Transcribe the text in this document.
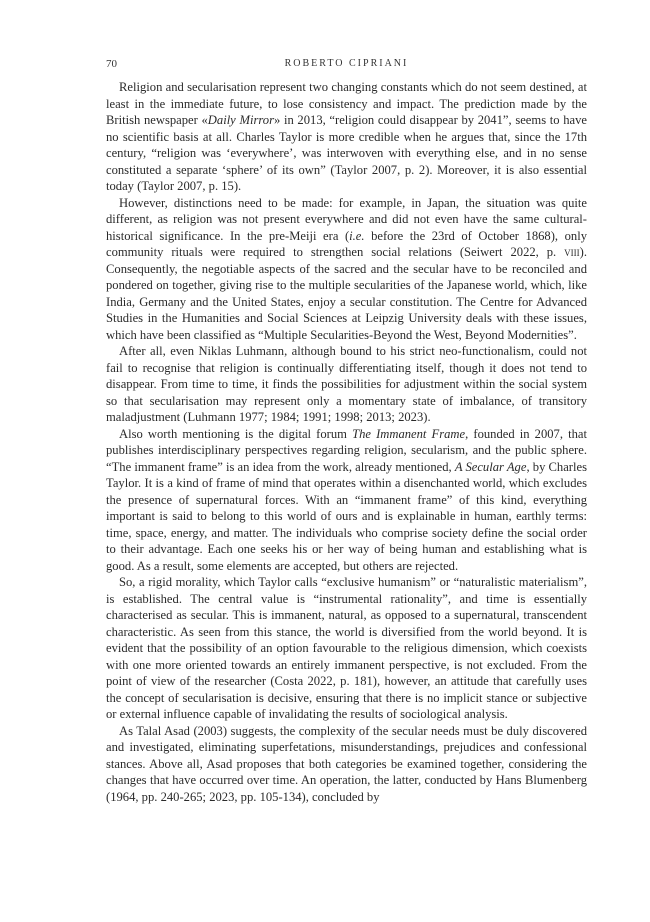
70	ROBERTO CIPRIANI

Religion and secularisation represent two changing constants which do not seem destined, at least in the immediate future, to lose consistency and impact. The prediction made by the British newspaper «Daily Mirror» in 2013, “religion could disappear by 2041”, seems to have no scientific basis at all. Charles Taylor is more credible when he argues that, since the 17th century, “religion was ‘everywhere’, was interwoven with everything else, and in no sense constituted a separate ‘sphere’ of its own” (Taylor 2007, p. 2). Moreover, it is also essential today (Taylor 2007, p. 15).

However, distinctions need to be made: for example, in Japan, the situation was quite different, as religion was not present everywhere and did not even have the same cultural-historical significance. In the pre-Meiji era (i.e. before the 23rd of October 1868), only community rituals were required to strengthen social relations (Seiwert 2022, p. viii). Consequently, the negotiable aspects of the sacred and the secular have to be reconciled and pondered on together, giving rise to the multiple secularities of the Japanese world, which, like India, Germany and the United States, enjoy a secular constitution. The Centre for Advanced Studies in the Humanities and Social Sciences at Leipzig University deals with these issues, which have been classified as “Multiple Secularities-Beyond the West, Beyond Modernities”.

After all, even Niklas Luhmann, although bound to his strict neo-functionalism, could not fail to recognise that religion is continually differentiating itself, though it does not tend to disappear. From time to time, it finds the possibilities for adjustment within the social system so that secularisation may represent only a momentary state of imbalance, of transitory maladjustment (Luhmann 1977; 1984; 1991; 1998; 2013; 2023).

Also worth mentioning is the digital forum The Immanent Frame, founded in 2007, that publishes interdisciplinary perspectives regarding religion, secularism, and the public sphere. “The immanent frame” is an idea from the work, already mentioned, A Secular Age, by Charles Taylor. It is a kind of frame of mind that operates within a disenchanted world, which excludes the presence of supernatural forces. With an “immanent frame” of this kind, everything important is said to belong to this world of ours and is explainable in human, earthly terms: time, space, energy, and matter. The individuals who comprise society define the social order to their advantage. Each one seeks his or her way of being human and establishing what is good. As a result, some elements are accepted, but others are rejected.

So, a rigid morality, which Taylor calls “exclusive humanism” or “naturalistic materialism”, is established. The central value is “instrumental rationality”, and time is essentially characterised as secular. This is immanent, natural, as opposed to a supernatural, transcendent characteristic. As seen from this stance, the world is diversified from the world beyond. It is evident that the possibility of an option favourable to the religious dimension, which coexists with one more oriented towards an entirely immanent perspective, is not excluded. From the point of view of the researcher (Costa 2022, p. 181), however, an attitude that carefully uses the concept of secularisation is decisive, ensuring that there is no implicit stance or subjective or external influence capable of invalidating the results of sociological analysis.

As Talal Asad (2003) suggests, the complexity of the secular needs must be duly discovered and investigated, eliminating superfetations, misunderstandings, prejudices and confessional stances. Above all, Asad proposes that both categories be examined together, considering the changes that have occurred over time. An operation, the latter, conducted by Hans Blumenberg (1964, pp. 240-265; 2023, pp. 105-134), concluded by
